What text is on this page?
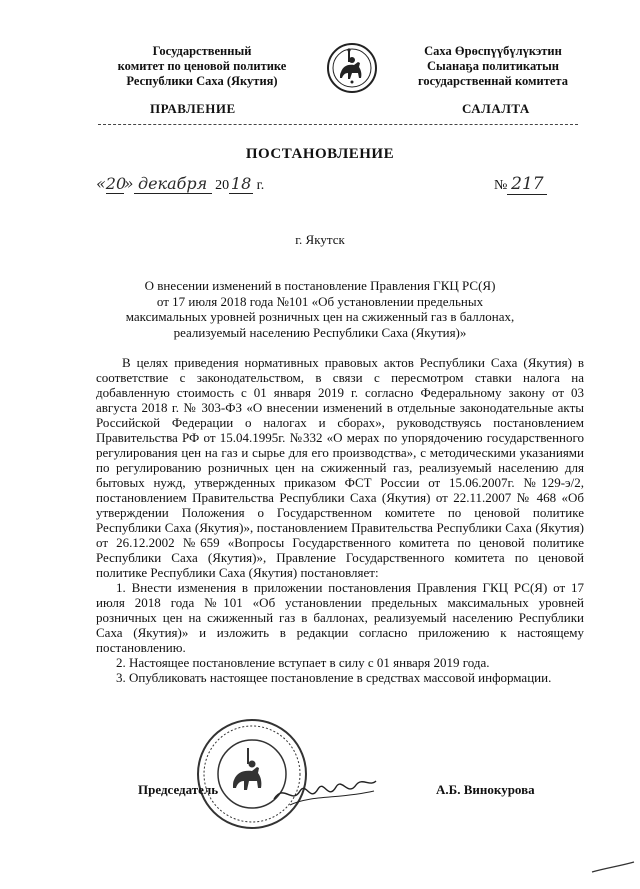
Государственный
комитет по ценовой политике
Республики Саха (Якутия)
Саха Өрөспүүбүлүкэтин
Сыанаҕа политикатын
государственнай комитета
ПРАВЛЕНИЕ	САЛАЛТА
ПОСТАНОВЛЕНИЕ
«20» декабря 20 18 г.	№ 217
г. Якутск
О внесении изменений в постановление Правления ГКЦ РС(Я)
от 17 июля 2018 года №101 «Об установлении предельных
максимальных уровней розничных цен на сжиженный газ в баллонах,
реализуемый населению Республики Саха (Якутия)»

В целях приведения нормативных правовых актов Республики Саха (Якутия) в соответствие с законодательством, в связи с пересмотром ставки налога на добавленную стоимость с 01 января 2019 г. согласно Федеральному закону от 03 августа 2018 г. № 303-ФЗ «О внесении изменений в отдельные законодательные акты Российской Федерации о налогах и сборах», руководствуясь постановлением Правительства РФ от 15.04.1995г. №332 «О мерах по упорядочению государственного регулирования цен на газ и сырье для его производства», с методическими указаниями по регулированию розничных цен на сжиженный газ, реализуемый населению для бытовых нужд, утвержденных приказом ФСТ России от 15.06.2007г. №129-э/2, постановлением Правительства Республики Саха (Якутия) от 22.11.2007 № 468 «Об утверждении Положения о Государственном комитете по ценовой политике Республики Саха (Якутия)», постановлением Правительства Республики Саха (Якутия) от 26.12.2002 №659 «Вопросы Государственного комитета по ценовой политике Республики Саха (Якутия)», Правление Государственного комитета по ценовой политике Республики Саха (Якутия) постановляет:

1. Внести изменения в приложении постановления Правления ГКЦ РС(Я) от 17 июля 2018 года №101 «Об установлении предельных максимальных уровней розничных цен на сжиженный газ в баллонах, реализуемый населению Республики Саха (Якутия)» и изложить в редакции согласно приложению к настоящему постановлению.

2. Настоящее постановление вступает в силу с 01 января 2019 года.

3. Опубликовать настоящее постановление в средствах массовой информации.

Председатель	А.Б. Винокурова
